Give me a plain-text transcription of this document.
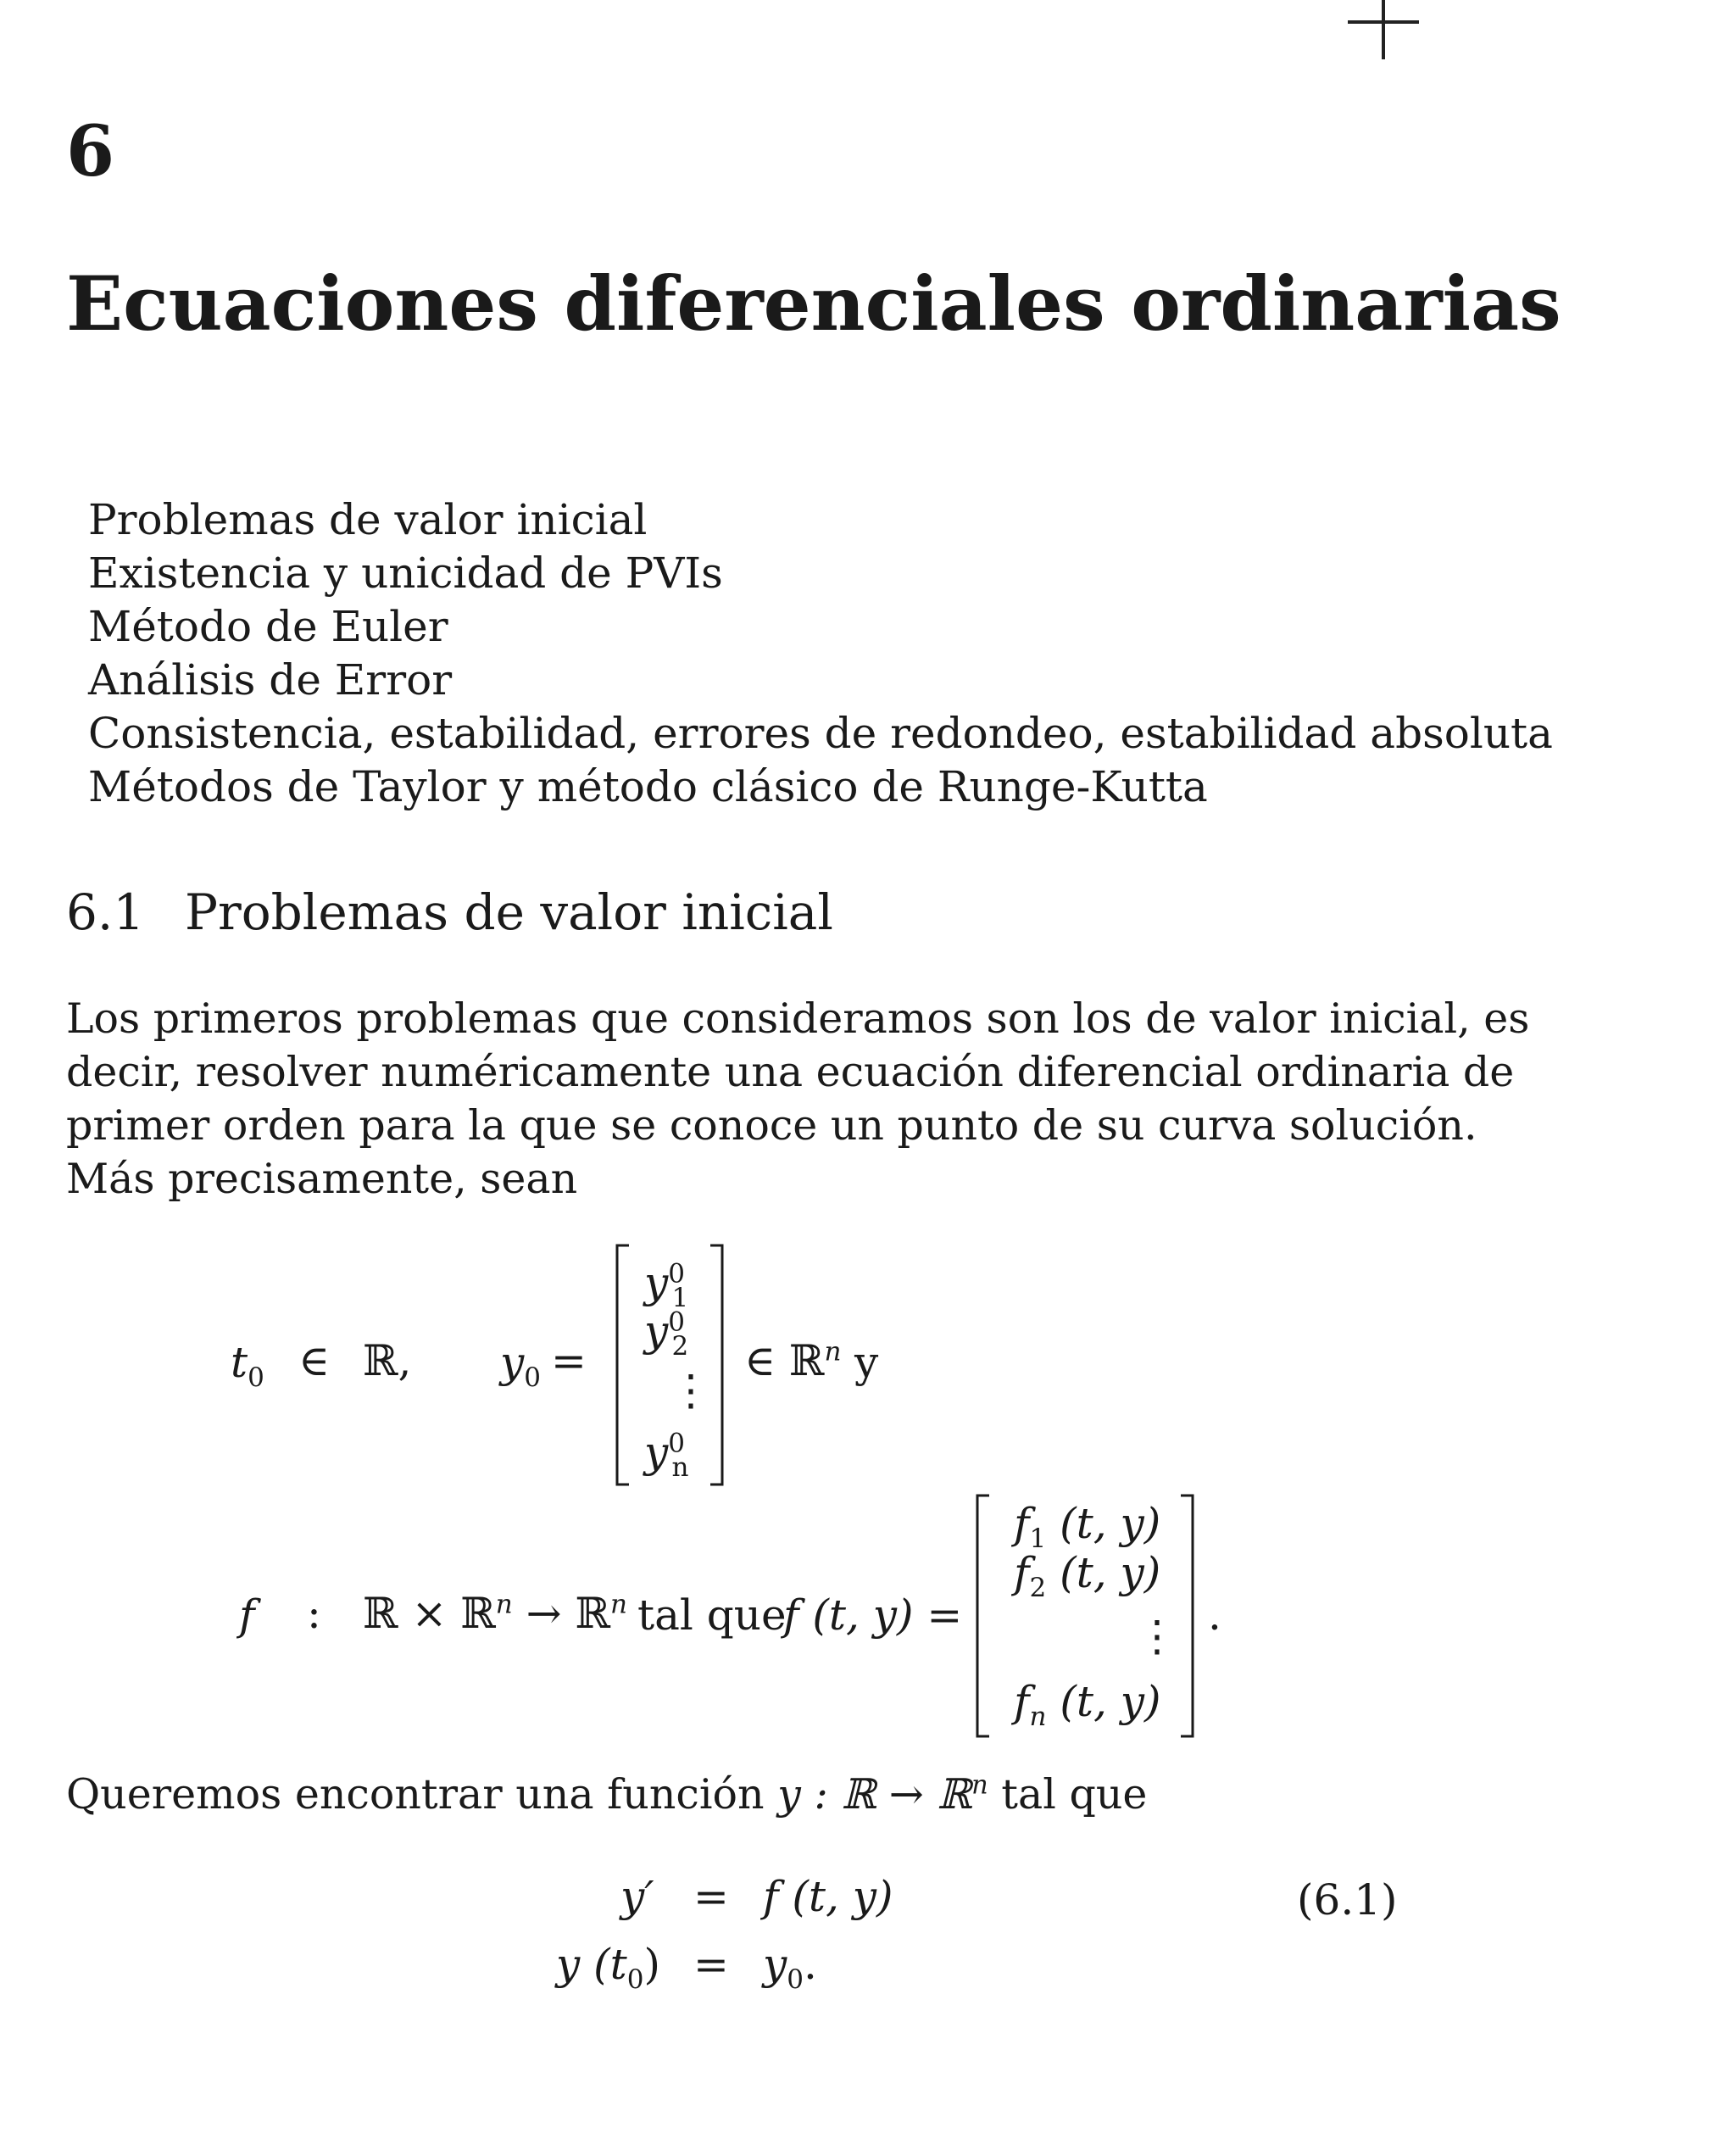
6
Ecuaciones diferenciales ordinarias
Problemas de valor inicial
Existencia y unicidad de PVIs
Método de Euler
Análisis de Error
Consistencia, estabilidad, errores de redondeo, estabilidad absoluta
Métodos de Taylor y método clásico de Runge-Kutta
6.1 Problemas de valor inicial
Los primeros problemas que consideramos son los de valor inicial, es
decir, resolver numéricamente una ecuación diferencial ordinaria de
primer orden para la que se conoce un punto de su curva solución.
Más precisamente, sean
$t_0$ ∈ ℝ, $y_0$ =
$y^0_1$
$y^0_2$
⋮
$y^0_n$
∈ ℝ$^n$ y
f : ℝ × ℝ$^n$ → ℝ$^n$ tal que
f (t, y) =
$f_1$ (t, y)
$f_2$ (t, y)
⋮
$f_n$ (t, y)
.
Queremos encontrar una función y : ℝ → ℝ$^n$ tal que
y′ = f (t, y)	(6.1)
y $(t_0) = y_0$.
